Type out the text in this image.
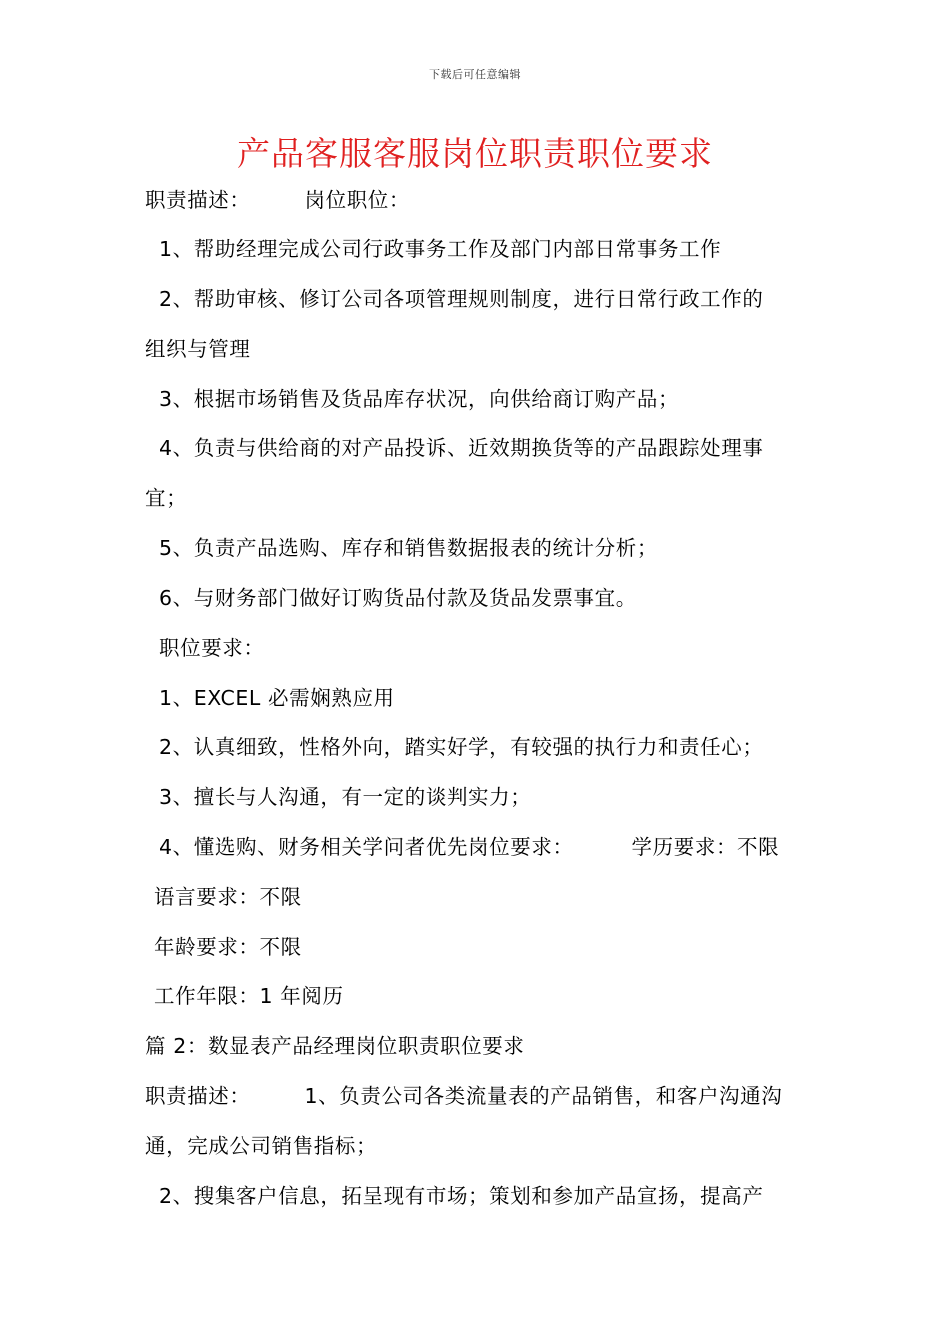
下载后可任意编辑
产品客服客服岗位职责职位要求
职责描述：	岗位职位：
1、帮助经理完成公司行政事务工作及部门内部日常事务工作
2、帮助审核、修订公司各项管理规则制度，进行日常行政工作的
组织与管理
3、根据市场销售及货品库存状况，向供给商订购产品；
4、负责与供给商的对产品投诉、近效期换货等的产品跟踪处理事
宜；
5、负责产品选购、库存和销售数据报表的统计分析；
6、与财务部门做好订购货品付款及货品发票事宜。
职位要求：
1、EXCEL 必需娴熟应用
2、认真细致，性格外向，踏实好学，有较强的执行力和责任心；
3、擅长与人沟通，有一定的谈判实力；
4、懂选购、财务相关学问者优先岗位要求：	学历要求：不限
语言要求：不限
年龄要求：不限
工作年限：1 年阅历
篇 2：数显表产品经理岗位职责职位要求
职责描述：	1、负责公司各类流量表的产品销售，和客户沟通沟
通，完成公司销售指标；
2、搜集客户信息，拓呈现有市场；策划和参加产品宣扬，提高产
